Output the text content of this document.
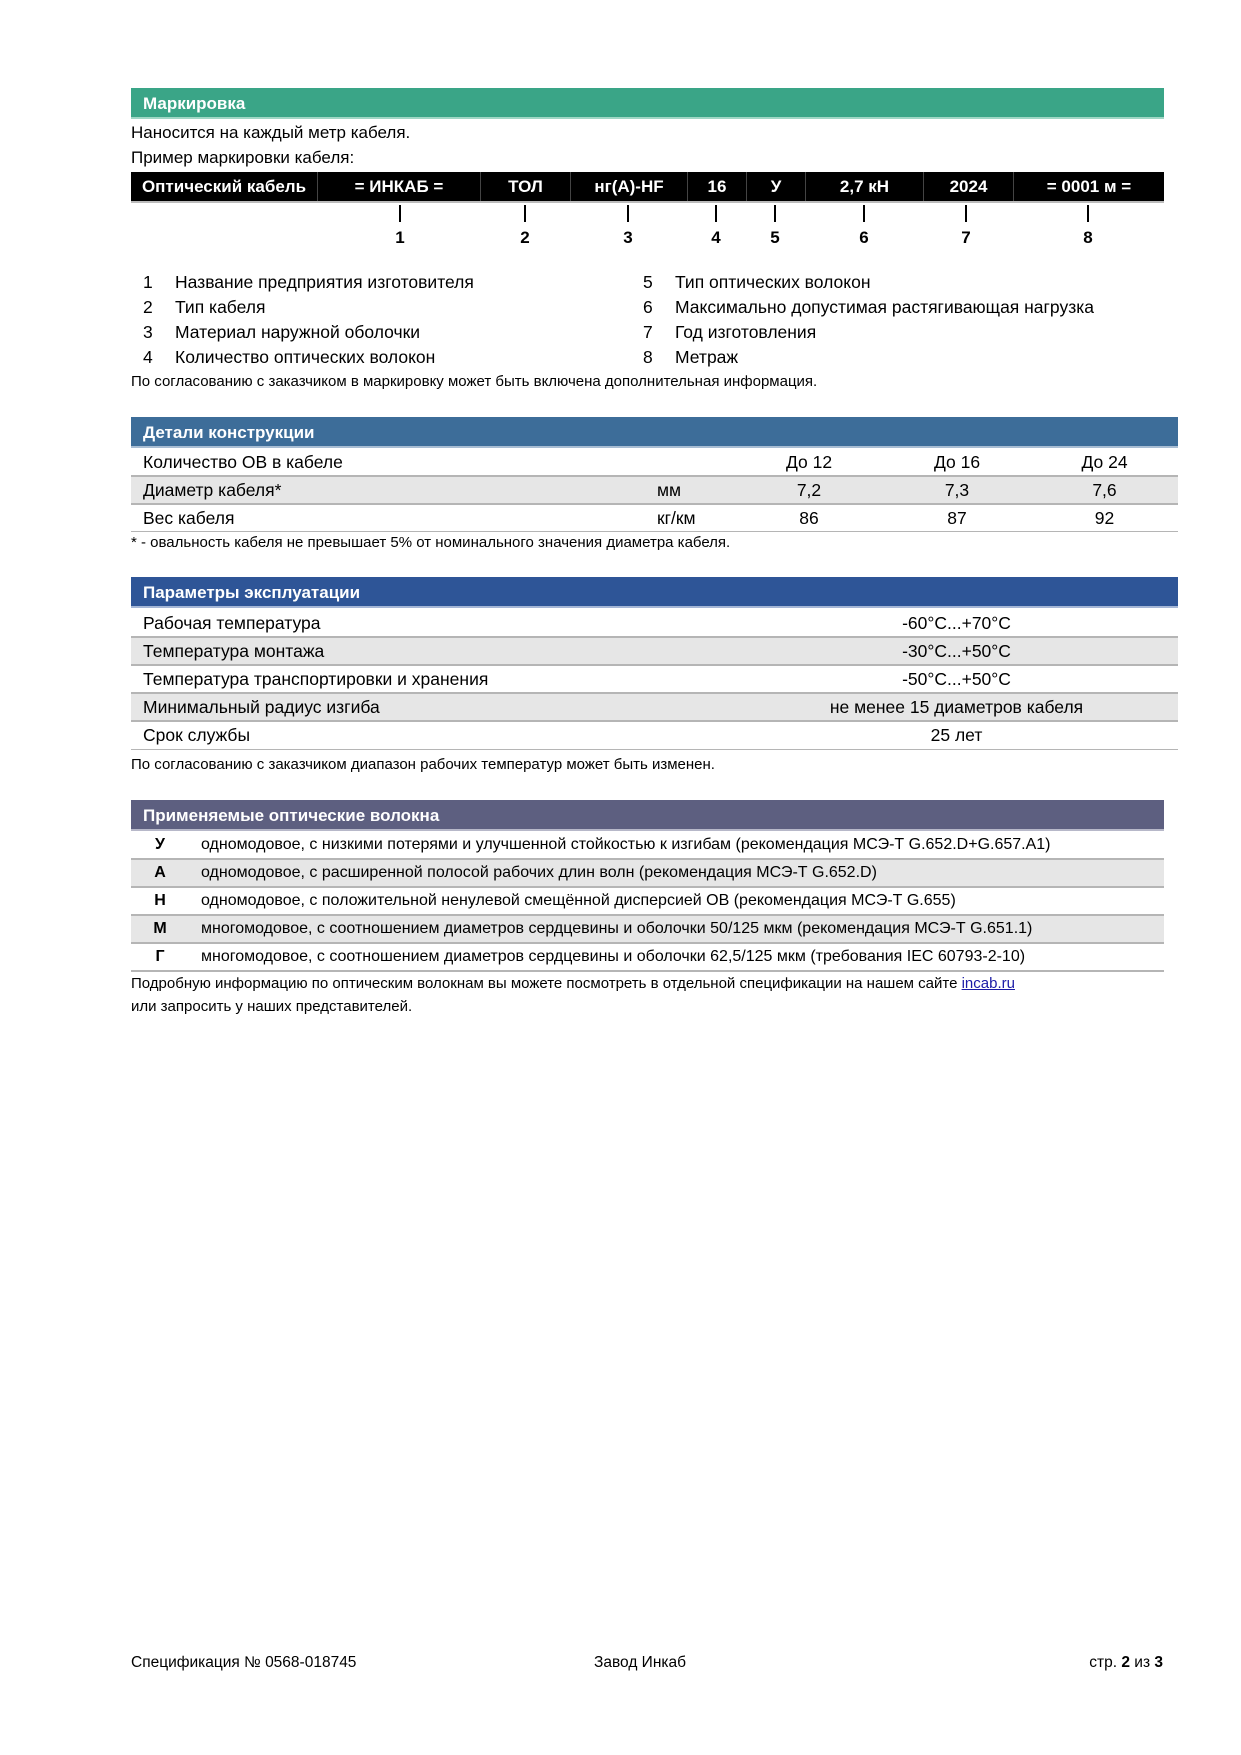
Маркировка
Наносится на каждый метр кабеля.
Пример маркировки кабеля:
Оптический кабель	= ИНКАБ =	ТОЛ	нг(А)-HF	16	У	2,7 кН	2024	= 0001 м =
1	2	3	4	5	6	7	8
1 Название предприятия изготовителя
2 Тип кабеля
3 Материал наружной оболочки
4 Количество оптических волокон
5 Тип оптических волокон
6 Максимально допустимая растягивающая нагрузка
7 Год изготовления
8 Метраж
По согласованию с заказчиком в маркировку может быть включена дополнительная информация.
Детали конструкции
Количество ОВ в кабеле		До 12	До 16	До 24
Диаметр кабеля*	мм	7,2	7,3	7,6
Вес кабеля	кг/км	86	87	92
* - овальность кабеля не превышает 5% от номинального значения диаметра кабеля.
Параметры эксплуатации
Рабочая температура	-60°C...+70°C
Температура монтажа	-30°C...+50°C
Температура транспортировки и хранения	-50°C...+50°C
Минимальный радиус изгиба	не менее 15 диаметров кабеля
Срок службы	25 лет
По согласованию с заказчиком диапазон рабочих температур может быть изменен.
Применяемые оптические волокна
У	одномодовое, с низкими потерями и улучшенной стойкостью к изгибам (рекомендация МСЭ-Т G.652.D+G.657.A1)
А	одномодовое, с расширенной полосой рабочих длин волн (рекомендация МСЭ-Т G.652.D)
Н	одномодовое, с положительной ненулевой смещённой дисперсией ОВ (рекомендация МСЭ-Т G.655)
М	многомодовое, с соотношением диаметров сердцевины и оболочки 50/125 мкм (рекомендация МСЭ-Т G.651.1)
Г	многомодовое, с соотношением диаметров сердцевины и оболочки 62,5/125 мкм (требования IEC 60793-2-10)
Подробную информацию по оптическим волокнам вы можете посмотреть в отдельной спецификации на нашем сайте incab.ru
или запросить у наших представителей.
Спецификация № 0568-018745	Завод Инкаб	стр. 2 из 3
